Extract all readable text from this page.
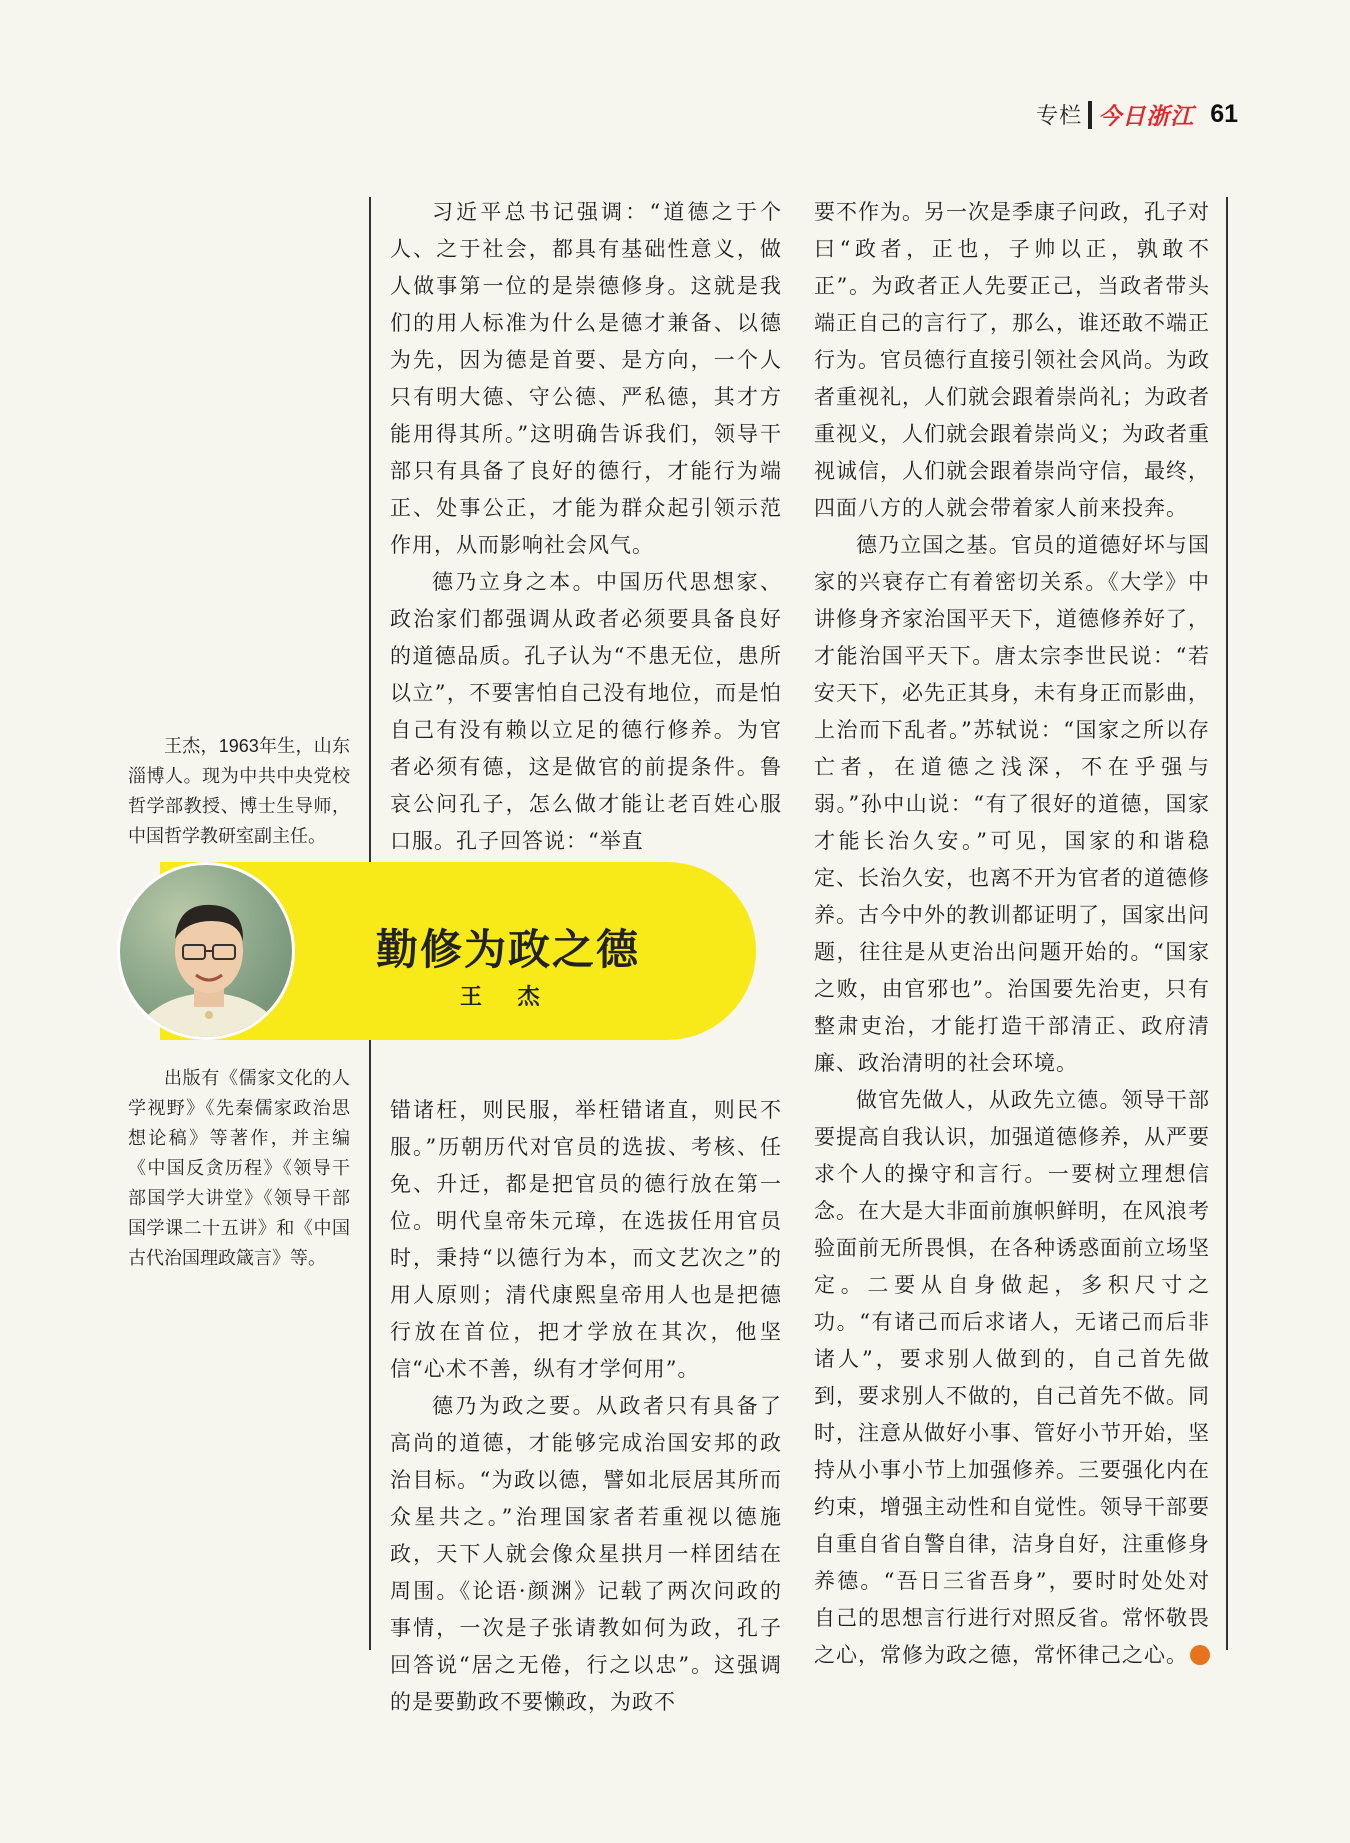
专栏 今日浙江 61

王杰，1963年生，山东淄博人。现为中共中央党校哲学部教授、博士生导师，中国哲学教研室副主任。

出版有《儒家文化的人学视野》《先秦儒家政治思想论稿》等著作，并主编《中国反贪历程》《领导干部国学大讲堂》《领导干部国学课二十五讲》和《中国古代治国理政箴言》等。

勤修为政之德
王 杰

习近平总书记强调：“道德之于个人、之于社会，都具有基础性意义，做人做事第一位的是崇德修身。这就是我们的用人标准为什么是德才兼备、以德为先，因为德是首要、是方向，一个人只有明大德、守公德、严私德，其才方能用得其所。”这明确告诉我们，领导干部只有具备了良好的德行，才能行为端正、处事公正，才能为群众起引领示范作用，从而影响社会风气。

德乃立身之本。中国历代思想家、政治家们都强调从政者必须要具备良好的道德品质。孔子认为“不患无位，患所以立”，不要害怕自己没有地位，而是怕自己有没有赖以立足的德行修养。为官者必须有德，这是做官的前提条件。鲁哀公问孔子，怎么做才能让老百姓心服口服。孔子回答说：“举直

错诸枉，则民服，举枉错诸直，则民不服。”历朝历代对官员的选拔、考核、任免、升迁，都是把官员的德行放在第一位。明代皇帝朱元璋，在选拔任用官员时，秉持“以德行为本，而文艺次之”的用人原则；清代康熙皇帝用人也是把德行放在首位，把才学放在其次，他坚信“心术不善，纵有才学何用”。

德乃为政之要。从政者只有具备了高尚的道德，才能够完成治国安邦的政治目标。“为政以德，譬如北辰居其所而众星共之。”治理国家者若重视以德施政，天下人就会像众星拱月一样团结在周围。《论语·颜渊》记载了两次问政的事情，一次是子张请教如何为政，孔子回答说“居之无倦，行之以忠”。这强调的是要勤政不要懒政，为政不

要不作为。另一次是季康子问政，孔子对曰“政者，正也，子帅以正，孰敢不正”。为政者正人先要正己，当政者带头端正自己的言行了，那么，谁还敢不端正行为。官员德行直接引领社会风尚。为政者重视礼，人们就会跟着崇尚礼；为政者重视义，人们就会跟着崇尚义；为政者重视诚信，人们就会跟着崇尚守信，最终，四面八方的人就会带着家人前来投奔。

德乃立国之基。官员的道德好坏与国家的兴衰存亡有着密切关系。《大学》中讲修身齐家治国平天下，道德修养好了，才能治国平天下。唐太宗李世民说：“若安天下，必先正其身，未有身正而影曲，上治而下乱者。”苏轼说：“国家之所以存亡者，在道德之浅深，不在乎强与弱。”孙中山说：“有了很好的道德，国家才能长治久安。”可见，国家的和谐稳定、长治久安，也离不开为官者的道德修养。古今中外的教训都证明了，国家出问题，往往是从吏治出问题开始的。“国家之败，由官邪也”。治国要先治吏，只有整肃吏治，才能打造干部清正、政府清廉、政治清明的社会环境。

做官先做人，从政先立德。领导干部要提高自我认识，加强道德修养，从严要求个人的操守和言行。一要树立理想信念。在大是大非面前旗帜鲜明，在风浪考验面前无所畏惧，在各种诱惑面前立场坚定。二要从自身做起，多积尺寸之功。“有诸己而后求诸人，无诸己而后非诸人”，要求别人做到的，自己首先做到，要求别人不做的，自己首先不做。同时，注意从做好小事、管好小节开始，坚持从小事小节上加强修养。三要强化内在约束，增强主动性和自觉性。领导干部要自重自省自警自律，洁身自好，注重修身养德。“吾日三省吾身”，要时时处处对自己的思想言行进行对照反省。常怀敬畏之心，常修为政之德，常怀律己之心。
